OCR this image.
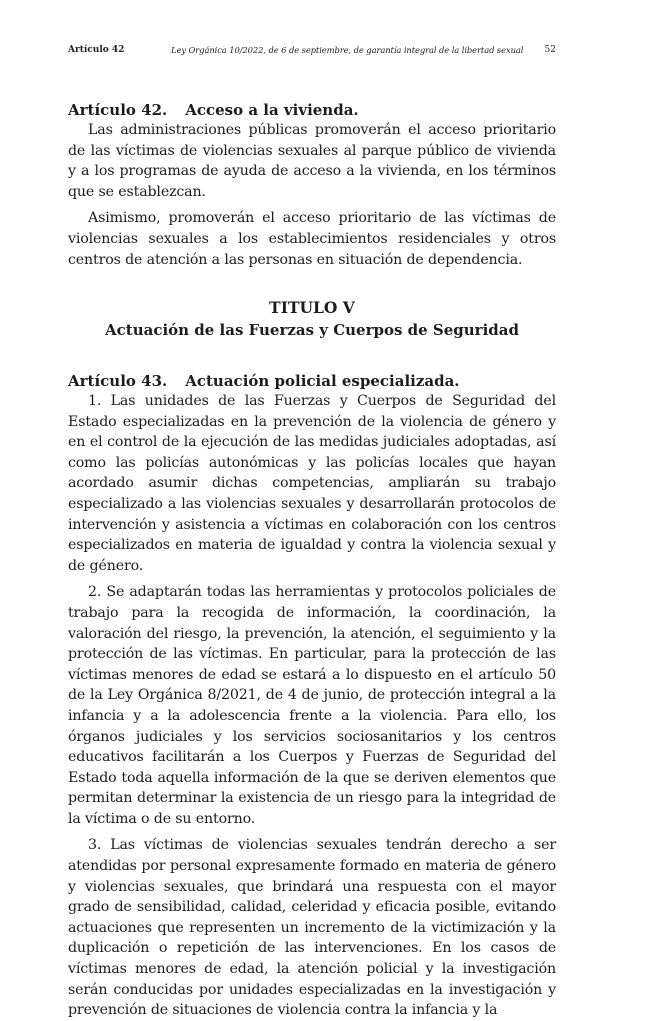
Artículo 42	Ley Orgánica 10/2022, de 6 de septiembre, de garantía integral de la libertad sexual 52
Artículo 42. Acceso a la vivienda.

Las administraciones públicas promoverán el acceso prioritario de las víctimas de violencias sexuales al parque público de vivienda y a los programas de ayuda de acceso a la vivienda, en los términos que se establezcan.

Asimismo, promoverán el acceso prioritario de las víctimas de violencias sexuales a los establecimientos residenciales y otros centros de atención a las personas en situación de dependencia.

TITULO V
Actuación de las Fuerzas y Cuerpos de Seguridad
Artículo 43. Actuación policial especializada.

1. Las unidades de las Fuerzas y Cuerpos de Seguridad del Estado especializadas en la prevención de la violencia de género y en el control de la ejecución de las medidas judiciales adoptadas, así como las policías autonómicas y las policías locales que hayan acordado asumir dichas competencias, ampliarán su trabajo especializado a las violencias sexuales y desarrollarán protocolos de intervención y asistencia a víctimas en colaboración con los centros especializados en materia de igualdad y contra la violencia sexual y de género.

2. Se adaptarán todas las herramientas y protocolos policiales de trabajo para la recogida de información, la coordinación, la valoración del riesgo, la prevención, la atención, el seguimiento y la protección de las víctimas. En particular, para la protección de las víctimas menores de edad se estará a lo dispuesto en el artículo 50 de la Ley Orgánica 8/2021, de 4 de junio, de protección integral a la infancia y a la adolescencia frente a la violencia. Para ello, los órganos judiciales y los servicios sociosanitarios y los centros educativos facilitarán a los Cuerpos y Fuerzas de Seguridad del Estado toda aquella información de la que se deriven elementos que permitan determinar la existencia de un riesgo para la integridad de la víctima o de su entorno.

3. Las víctimas de violencias sexuales tendrán derecho a ser atendidas por personal expresamente formado en materia de género y violencias sexuales, que brindará una respuesta con el mayor grado de sensibilidad, calidad, celeridad y eficacia posible, evitando actuaciones que representen un incremento de la victimización y la duplicación o repetición de las intervenciones. En los casos de víctimas menores de edad, la atención policial y la investigación serán conducidas por unidades especializadas en la investigación y prevención de situaciones de violencia contra la infancia y la
